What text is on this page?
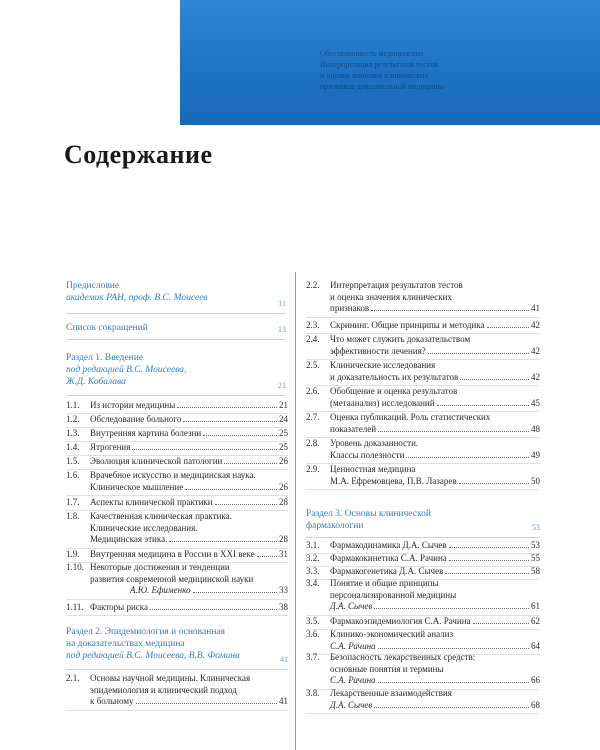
Обоснованность медицинских
Интерпретация результатов тестов
и оценка значения клинических
признаков доказательной медицины
Содержание
Предисловие
академик РАН, проф. В.С. Моисеев
11
Список сокращений	13
Раздел 1. Введение
под редакцией В.С. Моисеева,
Ж.Д. Кобалава	21
1.1. Из истории медицины	21
1.2. Обследование больного	24
1.3. Внутренняя картина болезни	25
1.4. Ятрогения	25
1.5. Эволюция клинической патологии	26
1.6. Врачебное искусство и медицинская наука.
Клиническое мышление	26
1.7. Аспекты клинической практики	28
1.8. Качественная клиническая практика.
Клинические исследования.
Медицинская этика.	28
1.9. Внутренняя медицина в России в XXI веке	31
1.10. Некоторые достижения и тенденции
развития современной медицинской науки
А.Ю. Ефименко	33
1.11. Факторы риска	38
Раздел 2. Эпидемиология и основанная
на доказательствах медицина
под редакцией В.С. Моисеева, В.В. Фомина	41
2.1. Основы научной медицины. Клиническая
эпидемиология и клинический подход
к больному	41
2.2. Интерпретация результатов тестов
и оценка значения клинических
признаков	41
2.3. Скрининг. Общие принципы и методика	42
2.4. Что может служить доказательством
эффективности лечения?	42
2.5. Клинические исследования
и доказательность их результатов	42
2.6. Обобщение и оценка результатов
(метаанализ) исследований	45
2.7. Оценка публикаций. Роль статистических
показателей	48
2.8. Уровень доказанности.
Классы полезности	49
2.9. Ценностная медицина
М.А. Ефремовцева, П.В. Лазарев	50
Раздел 3. Основы клинической
фармакологии	53
3.1. Фармакодинамика Д.А. Сычев	53
3.2. Фармакокинетика С.А. Рачина	55
3.3. Фармакогенетика Д.А. Сычев	58
3.4. Понятие и общие принципы
персонализированной медицины
Д.А. Сычев	61
3.5. Фармакоэпидемиология С.А. Рачина	62
3.6. Клинико-экономический анализ
С.А. Рачина	64
3.7. Безопасность лекарственных средств:
основные понятия и термины
С.А. Рачина	66
3.8. Лекарственные взаимодействия
Д.А. Сычев	68
